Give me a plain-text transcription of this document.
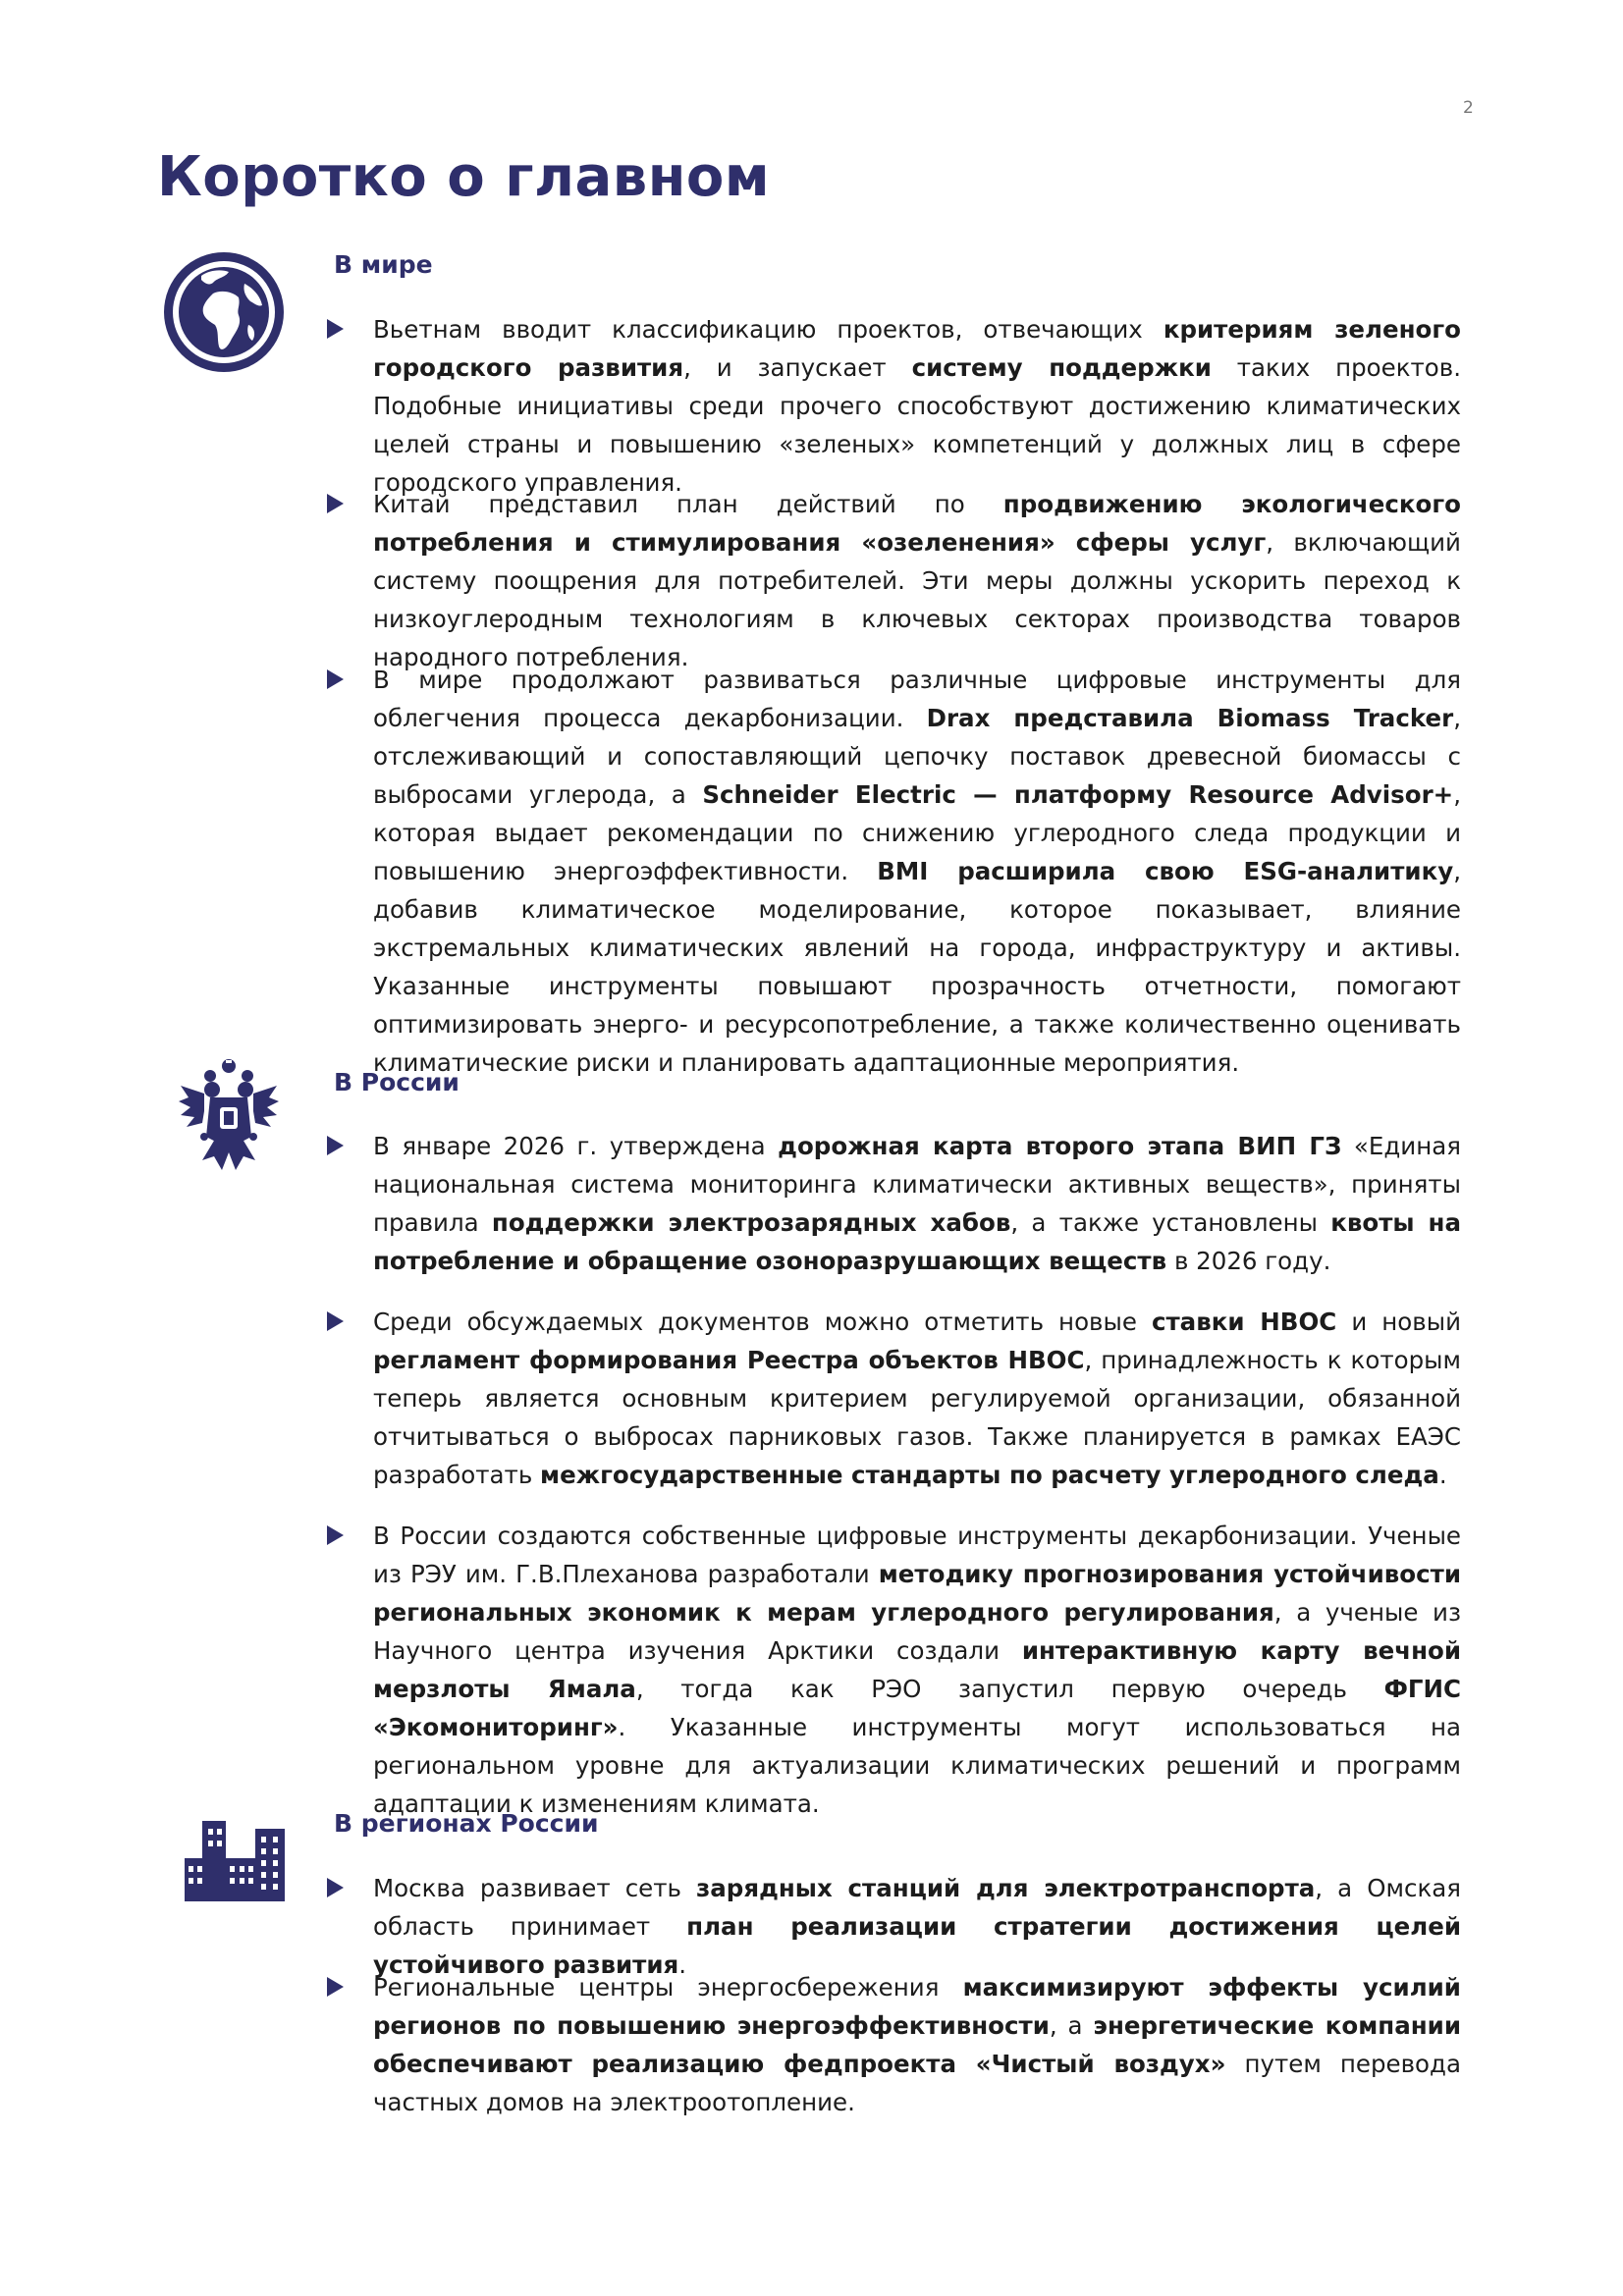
2
Коротко о главном
В мире

Вьетнам вводит классификацию проектов, отвечающих критериям зеленого городского развития, и запускает систему поддержки таких проектов. Подобные инициативы среди прочего способствуют достижению климатических целей страны и повышению «зеленых» компетенций у должных лиц в сфере городского управления.

Китай представил план действий по продвижению экологического потребления и стимулирования «озеленения» сферы услуг, включающий систему поощрения для потребителей. Эти меры должны ускорить переход к низкоуглеродным технологиям в ключевых секторах производства товаров народного потребления.

В мире продолжают развиваться различные цифровые инструменты для облегчения процесса декарбонизации. Drax представила Biomass Tracker, отслеживающий и сопоставляющий цепочку поставок древесной биомассы с выбросами углерода, а Schneider Electric — платформу Resource Advisor+, которая выдает рекомендации по снижению углеродного следа продукции и повышению энергоэффективности. BMI расширила свою ESG-аналитику, добавив климатическое моделирование, которое показывает, влияние экстремальных климатических явлений на города, инфраструктуру и активы. Указанные инструменты повышают прозрачность отчетности, помогают оптимизировать энерго- и ресурсопотребление, а также количественно оценивать климатические риски и планировать адаптационные мероприятия.

В России

В январе 2026 г. утверждена дорожная карта второго этапа ВИП ГЗ «Единая национальная система мониторинга климатически активных веществ», приняты правила поддержки электрозарядных хабов, а также установлены квоты на потребление и обращение озоноразрушающих веществ в 2026 году.

Среди обсуждаемых документов можно отметить новые ставки НВОС и новый регламент формирования Реестра объектов НВОС, принадлежность к которым теперь является основным критерием регулируемой организации, обязанной отчитываться о выбросах парниковых газов. Также планируется в рамках ЕАЭС разработать межгосударственные стандарты по расчету углеродного следа.

В России создаются собственные цифровые инструменты декарбонизации. Ученые из РЭУ им. Г.В.Плеханова разработали методику прогнозирования устойчивости региональных экономик к мерам углеродного регулирования, а ученые из Научного центра изучения Арктики создали интерактивную карту вечной мерзлоты Ямала, тогда как РЭО запустил первую очередь ФГИС «Экомониторинг». Указанные инструменты могут использоваться на региональном уровне для актуализации климатических решений и программ адаптации к изменениям климата.

В регионах России

Москва развивает сеть зарядных станций для электротранспорта, а Омская область принимает план реализации стратегии достижения целей устойчивого развития.

Региональные центры энергосбережения максимизируют эффекты усилий регионов по повышению энергоэффективности, а энергетические компании обеспечивают реализацию федпроекта «Чистый воздух» путем перевода частных домов на электроотопление.
